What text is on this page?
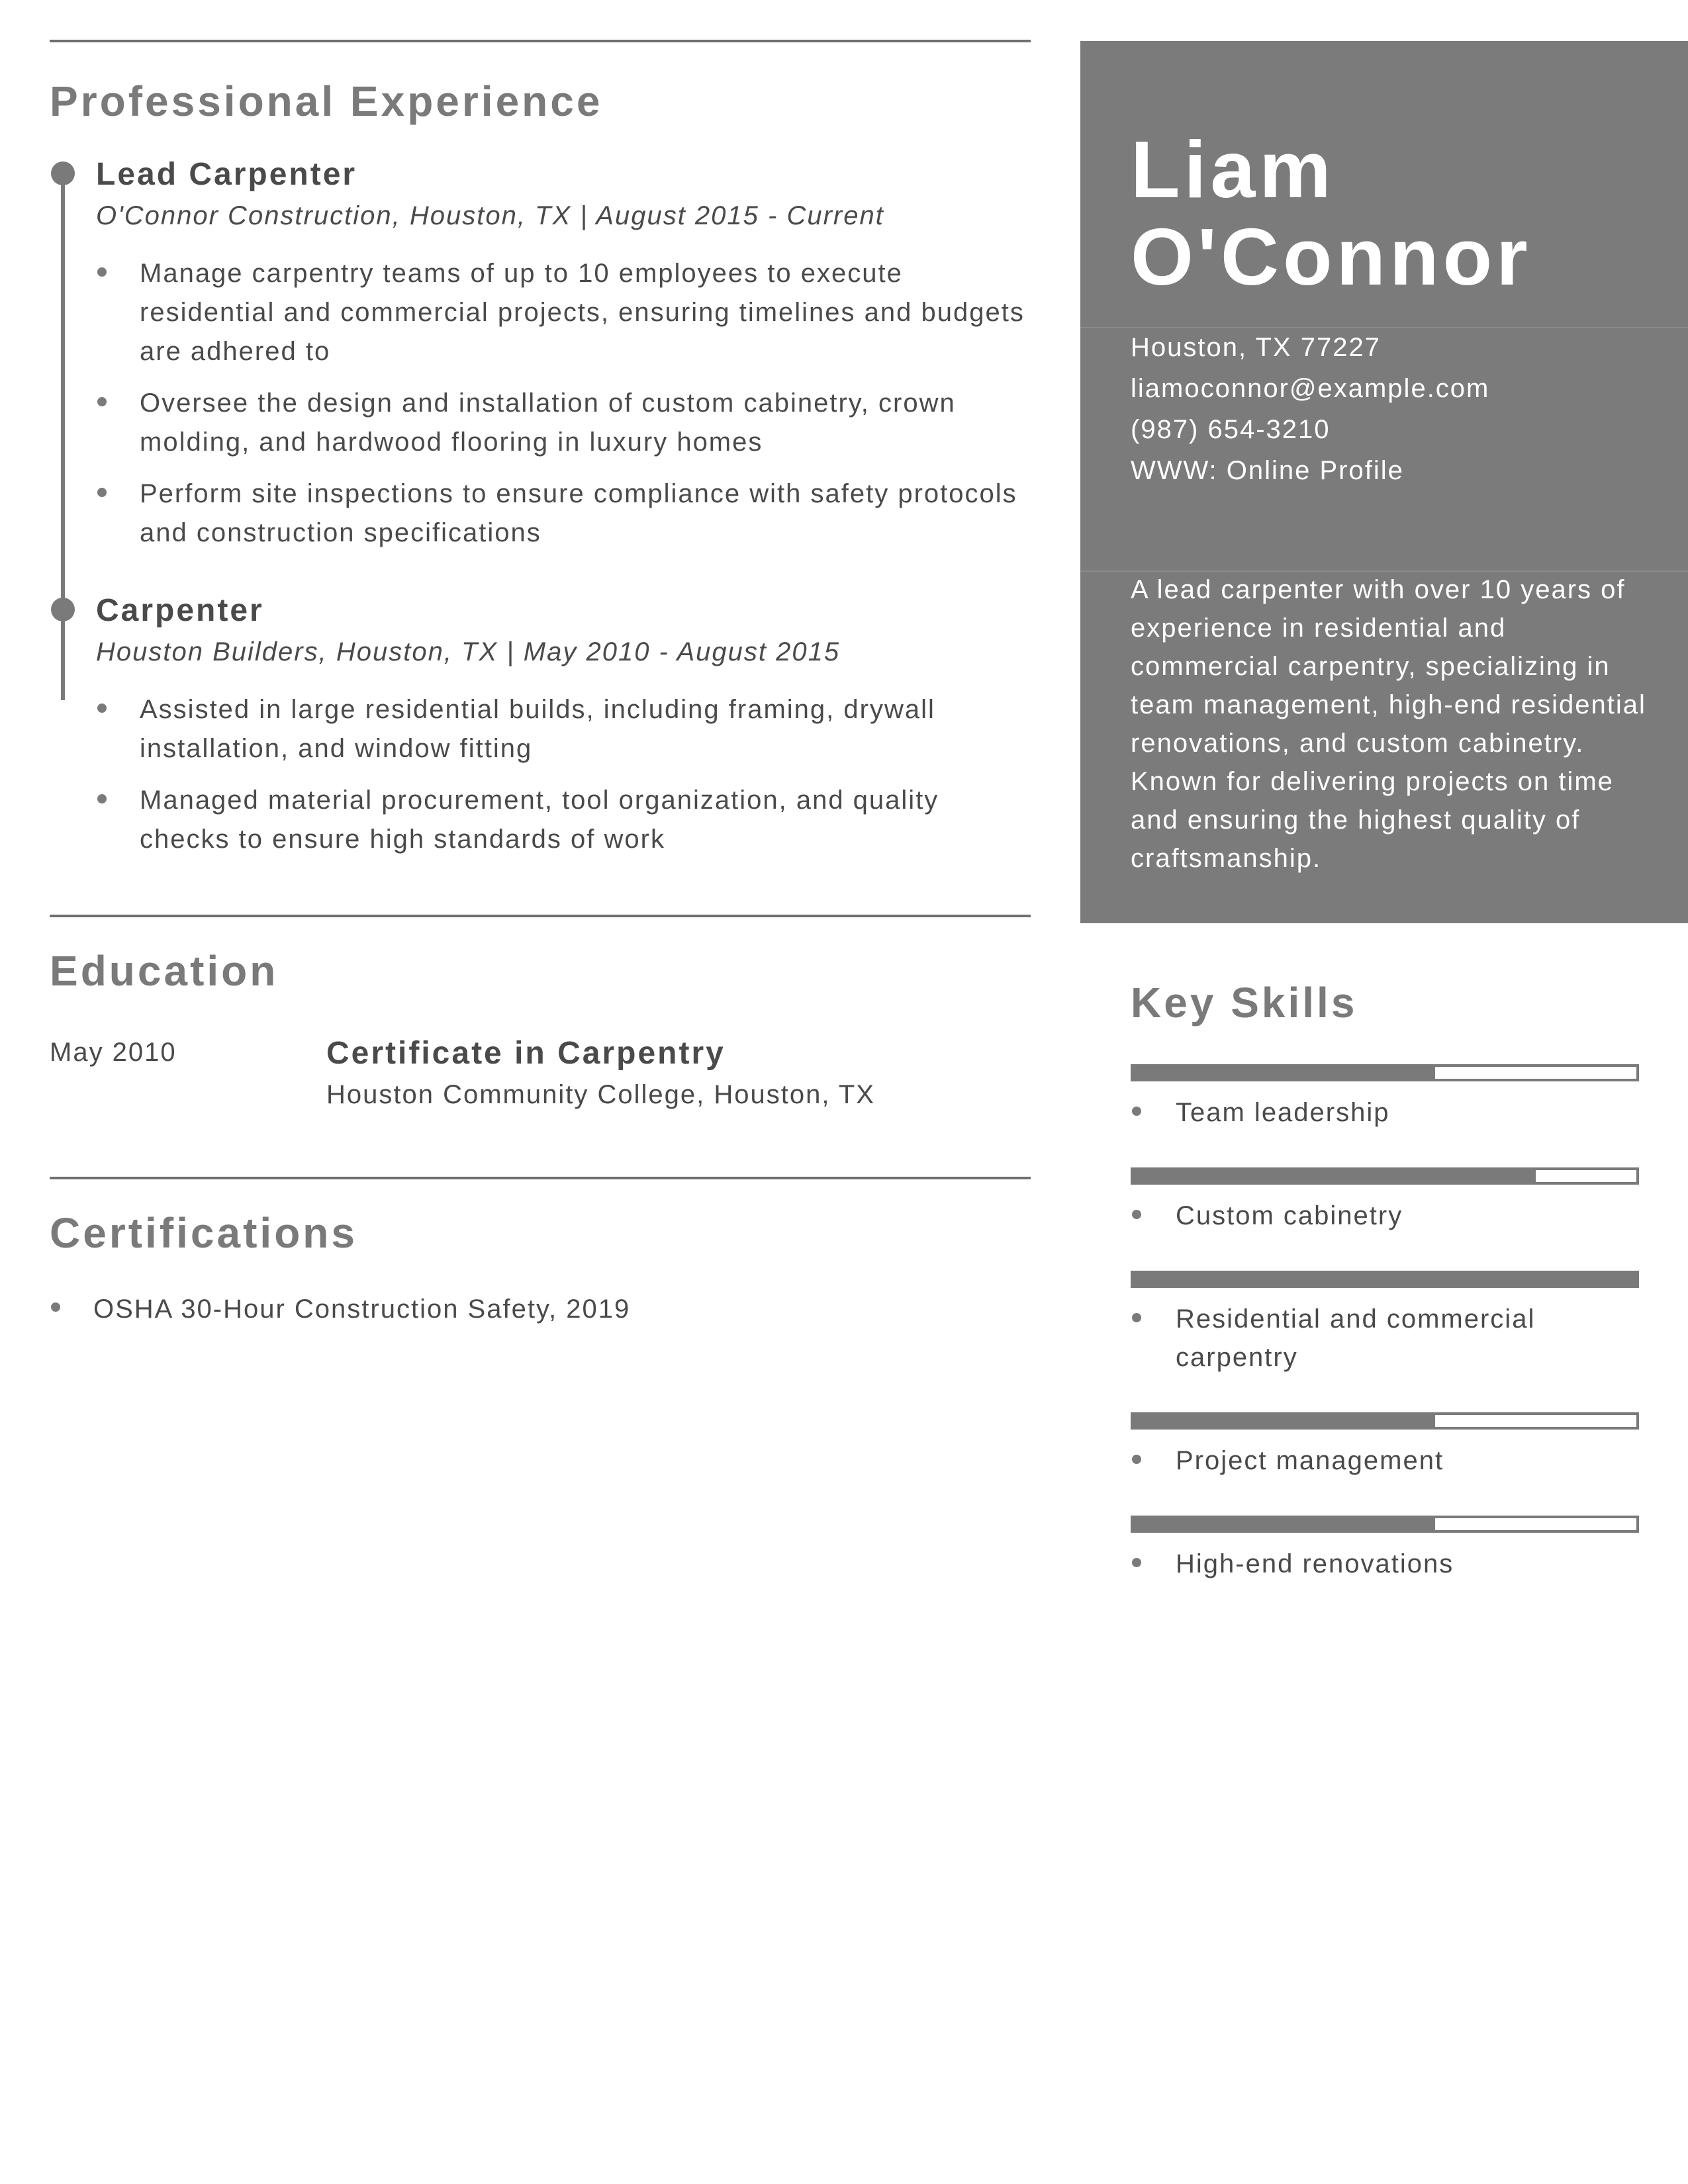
Professional Experience
Lead Carpenter
O'Connor Construction, Houston, TX | August 2015 - Current
Manage carpentry teams of up to 10 employees to execute residential and commercial projects, ensuring timelines and budgets are adhered to
Oversee the design and installation of custom cabinetry, crown molding, and hardwood flooring in luxury homes
Perform site inspections to ensure compliance with safety protocols and construction specifications
Carpenter
Houston Builders, Houston, TX | May 2010 - August 2015
Assisted in large residential builds, including framing, drywall installation, and window fitting
Managed material procurement, tool organization, and quality checks to ensure high standards of work
Education
May 2010	Certificate in Carpentry
Houston Community College, Houston, TX
Certifications
OSHA 30-Hour Construction Safety, 2019
Liam
O'Connor
Houston, TX 77227
liamoconnor@example.com
(987) 654-3210
WWW: Online Profile
A lead carpenter with over 10 years of experience in residential and commercial carpentry, specializing in team management, high-end residential renovations, and custom cabinetry. Known for delivering projects on time and ensuring the highest quality of craftsmanship.
Key Skills
Team leadership
Custom cabinetry
Residential and commercial carpentry
Project management
High-end renovations
